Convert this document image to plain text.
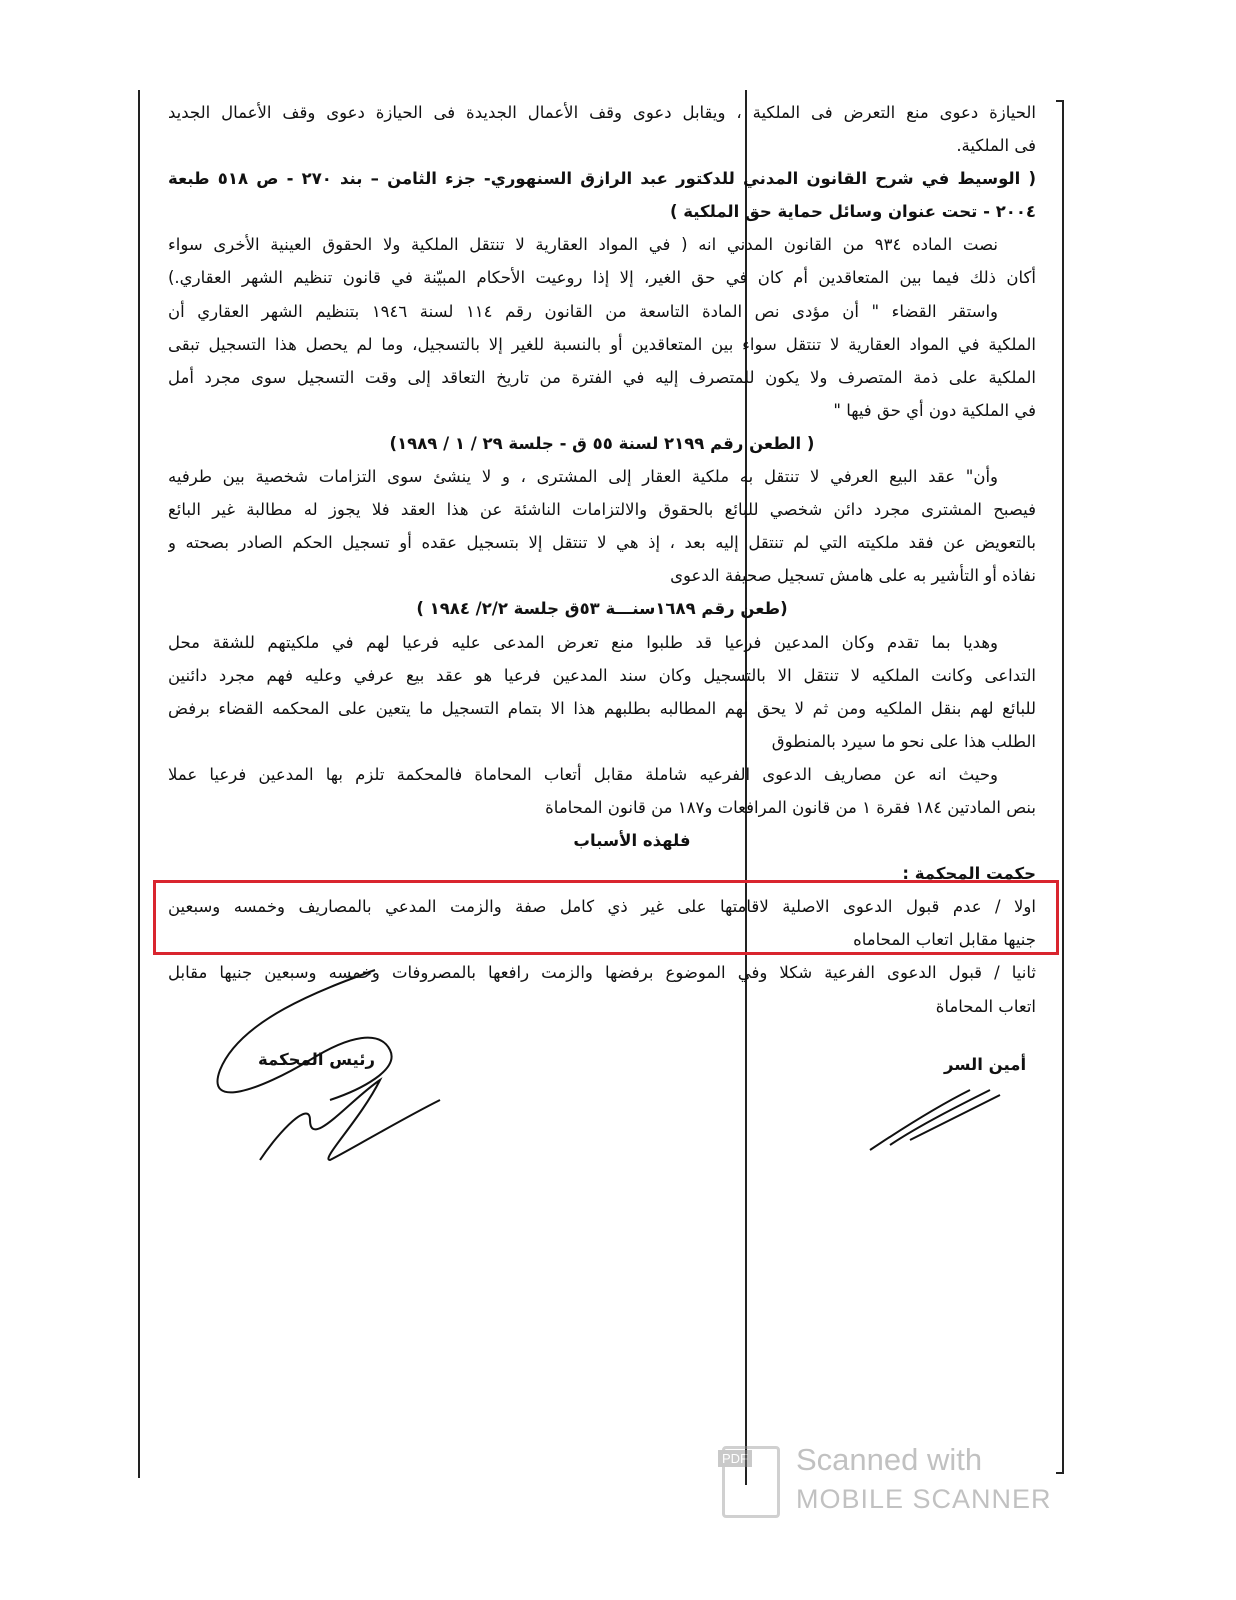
الحيازة دعوى منع التعرض فى الملكية ، ويقابل دعوى وقف الأعمال الجديدة فى الحيازة دعوى وقف الأعمال الجديد
فى الملكية.
( الوسيط في شرح القانون المدني للدكتور عبد الرازق السنهوري- جزء الثامن – بند ٢٧٠ - ص ٥١٨ طبعة
٢٠٠٤ - تحت عنوان وسائل حماية حق الملكية )
نصت الماده ٩٣٤ من القانون المدني انه ( في المواد العقارية لا تنتقل الملكية ولا الحقوق العينية الأخرى سواء
أكان ذلك فيما بين المتعاقدين أم كان في حق الغير، إلا إذا روعيت الأحكام المبيّنة في قانون تنظيم الشهر العقاري.)
واستقر القضاء " أن مؤدى نص المادة التاسعة من القانون رقم ١١٤ لسنة ١٩٤٦ بتنظيم الشهر العقاري أن
الملكية في المواد العقارية لا تنتقل سواء بين المتعاقدين أو بالنسبة للغير إلا بالتسجيل، وما لم يحصل هذا التسجيل تبقى
الملكية على ذمة المتصرف ولا يكون للمتصرف إليه في الفترة من تاريخ التعاقد إلى وقت التسجيل سوى مجرد أمل
في الملكية دون أي حق فيها "
( الطعن رقم ٢١٩٩ لسنة ٥٥ ق - جلسة ٢٩ / ١ / ١٩٨٩)
وأن" عقد البيع العرفي لا تنتقل به ملكية العقار إلى المشترى ، و لا ينشئ سوى التزامات شخصية بين طرفيه
فيصبح المشترى مجرد دائن شخصي للبائع بالحقوق والالتزامات الناشئة عن هذا العقد فلا يجوز له مطالبة غير البائع
بالتعويض عن فقد ملكيته التي لم تنتقل إليه بعد ، إذ هي لا تنتقل إلا بتسجيل عقده أو تسجيل الحكم الصادر بصحته و
نفاذه أو التأشير به على هامش تسجيل صحيفة الدعوى
(طعن رقم ١٦٨٩سنـــة ٥٣ق جلسة ٢/٢/ ١٩٨٤ )
وهديا بما تقدم وكان المدعين فرعيا قد طلبوا منع تعرض المدعى عليه فرعيا لهم في ملكيتهم للشقة محل
التداعى وكانت الملكيه لا تنتقل الا بالتسجيل وكان سند المدعين فرعيا هو عقد بيع عرفي وعليه فهم مجرد دائنين
للبائع لهم بنقل الملكيه ومن ثم لا يحق لهم المطالبه بطلبهم هذا الا بتمام التسجيل ما يتعين على المحكمه القضاء برفض
الطلب هذا على نحو ما سيرد بالمنطوق
وحيث انه عن مصاريف الدعوى الفرعيه شاملة مقابل أتعاب المحاماة فالمحكمة تلزم بها المدعين فرعيا عملا
بنص المادتين ١٨٤ فقرة ١ من قانون المرافعات و١٨٧ من قانون المحاماة
فلهذه الأسباب
حكمت المحكمة :
اولا / عدم قبول الدعوى الاصلية لاقامتها على غير ذي كامل صفة والزمت المدعي بالمصاريف وخمسه وسبعين
جنيها مقابل اتعاب المحاماه
ثانيا / قبول الدعوى الفرعية شكلا وفي الموضوع برفضها والزمت رافعها بالمصروفات وخمسه وسبعين جنيها مقابل
اتعاب المحاماة
رئيس المحكمة	أمين السر
PDF Scanned with
MOBILE SCANNER
